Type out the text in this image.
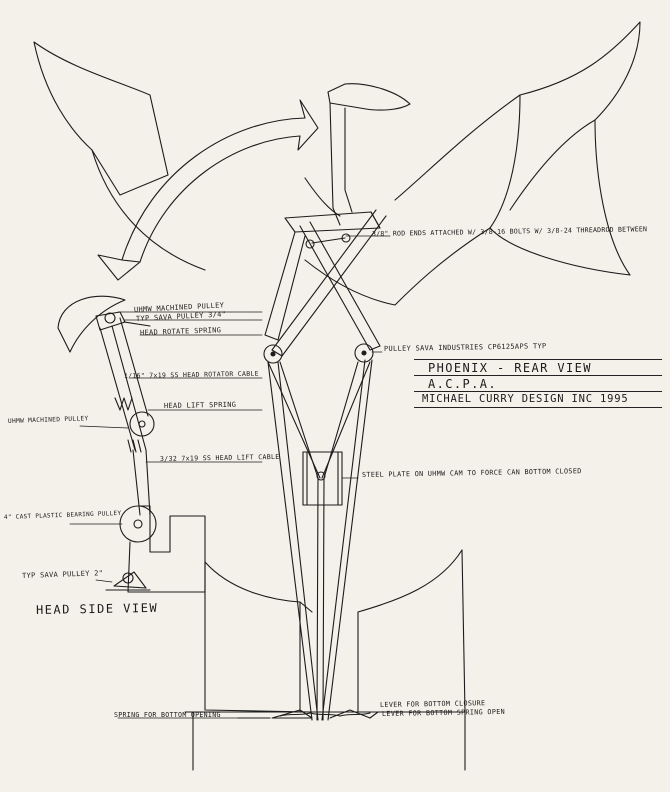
3/8" ROD ENDS ATTACHED W/ 3/8-16 BOLTS W/ 3/8-24 THREADROD BETWEEN
UHMW MACHINED PULLEY
TYP SAVA PULLEY 3/4"
HEAD ROTATE SPRING
1/16" 7x19 SS HEAD ROTATOR CABLE
HEAD LIFT SPRING
UHMW MACHINED PULLEY
3/32 7x19 SS HEAD LIFT CABLE
4" CAST PLASTIC BEARING PULLEY
TYP SAVA PULLEY 2"
HEAD SIDE VIEW
PULLEY SAVA INDUSTRIES CP6125APS TYP
STEEL PLATE ON UHMW CAM TO FORCE CAN BOTTOM CLOSED
SPRING FOR BOTTOM OPENING
LEVER FOR BOTTOM CLOSURE
LEVER FOR BOTTOM SPRING OPEN
PHOENIX - REAR VIEW
A.C.P.A.
MICHAEL CURRY DESIGN INC 1995
